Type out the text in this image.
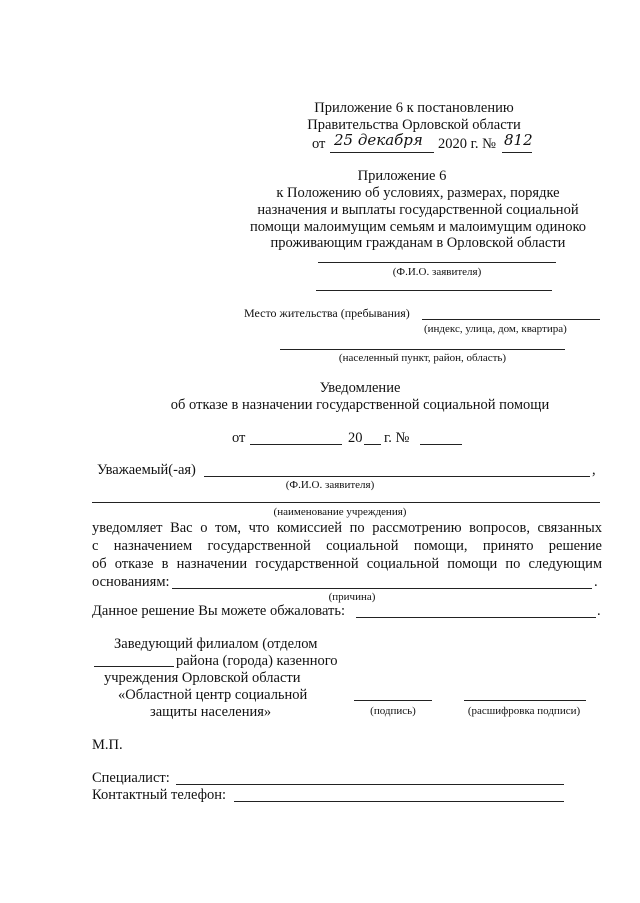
Приложение 6 к постановлению
Правительства Орловской области
от 25 декабря 2020 г. № 812
Приложение 6
к Положению об условиях, размерах, порядке
назначения и выплаты государственной социальной
помощи малоимущим семьям и малоимущим одиноко
проживающим гражданам в Орловской области
(Ф.И.О. заявителя)
Место жительства (пребывания)
(индекс, улица, дом, квартира)
(населенный пункт, район, область)
Уведомление
об отказе в назначении государственной социальной помощи
от	20 г. №
Уважаемый(-ая)	,
(Ф.И.О. заявителя)
(наименование учреждения)
уведомляет Вас о том, что комиссией по рассмотрению вопросов, связанных
с назначением государственной социальной помощи, принято решение
об отказе в назначении государственной социальной помощи по следующим
основаниям:	.
(причина)
Данное решение Вы можете обжаловать:	.
Заведующий филиалом (отделом
района (города) казенного
учреждения Орловской области
«Областной центр социальной
защиты населения»	(подпись)	(расшифровка подписи)
М.П.
Специалист:
Контактный телефон:
